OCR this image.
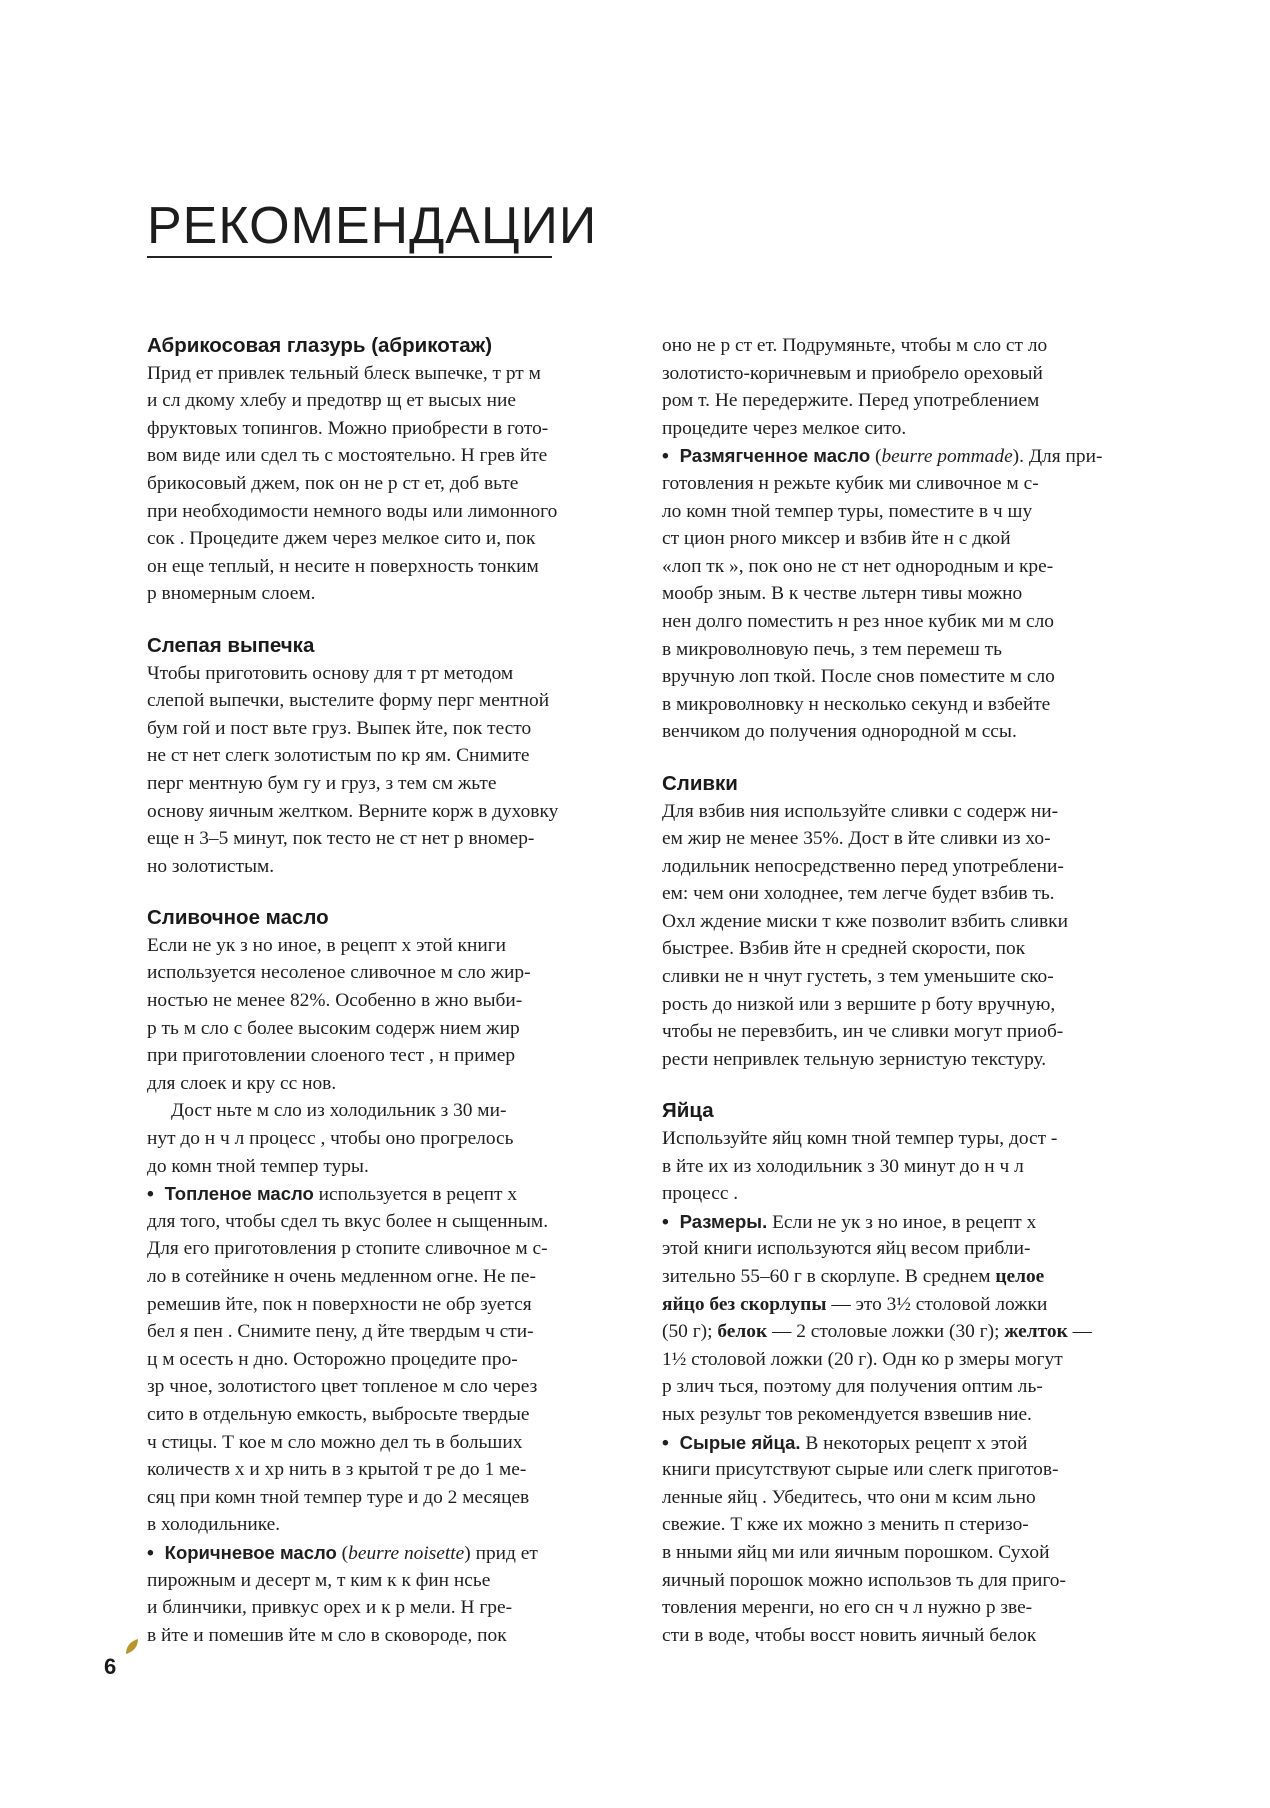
РЕКОМЕНДАЦИИ
Абрикосовая глазурь (абрикотаж)
Прид ет привлек тельный блеск выпечке, т рт м
и сл дкому хлебу и предотвр щ ет высых ние
фруктовых топингов. Можно приобрести в гото-
вом виде или сдел ть с мостоятельно. Н грев йте
брикосовый джем, пок он не р ст ет, доб вьте
при необходимости немного воды или лимонного
сок . Процедите джем через мелкое сито и, пок
он еще теплый, н несите н поверхность тонким
р вномерным слоем.
Слепая выпечка
Чтобы приготовить основу для т рт методом
слепой выпечки, выстелите форму перг ментной
бум гой и пост вьте груз. Выпек йте, пок тесто
не ст нет слегк золотистым по кр ям. Снимите
перг ментную бум гу и груз, з тем см жьте
основу яичным желтком. Верните корж в духовку
еще н 3–5 минут, пок тесто не ст нет р вномер-
но золотистым.
Сливочное масло
Если не ук з но иное, в рецепт х этой книги
используется несоленое сливочное м сло жир-
ностью не менее 82%. Особенно в жно выби-
р ть м сло с более высоким содерж нием жир
при приготовлении слоеного тест , н пример
для слоек и кру сс нов.
Дост ньте м сло из холодильник з 30 ми-
нут до н ч л процесс , чтобы оно прогрелось
до комн тной темпер туры.
• Топленое масло используется в рецепт х
для того, чтобы сдел ть вкус более н сыщенным.
Для его приготовления р стопите сливочное м с-
ло в сотейнике н очень медленном огне. Не пе-
ремешив йте, пок н поверхности не обр зуется
бел я пен . Снимите пену, д йте твердым ч сти-
ц м осесть н дно. Осторожно процедите про-
зр чное, золотистого цвет топленое м сло через
сито в отдельную емкость, выбросьте твердые
ч стицы. Т кое м сло можно дел ть в больших
количеств х и хр нить в з крытой т ре до 1 ме-
сяц при комн тной темпер туре и до 2 месяцев
в холодильнике.
• Коричневое масло (beurre noisette) прид ет
пирожным и десерт м, т ким к к фин нсье
и блинчики, привкус орех и к р мели. Н гре-
в йте и помешив йте м сло в сковороде, пок
оно не р ст ет. Подрумяньте, чтобы м сло ст ло
золотисто-коричневым и приобрело ореховый
ром т. Не передержите. Перед употреблением
процедите через мелкое сито.
• Размягченное масло (beurre pommade). Для при-
готовления н режьте кубик ми сливочное м с-
ло комн тной темпер туры, поместите в ч шу
ст цион рного миксер и взбив йте н с дкой
«лоп тк », пок оно не ст нет однородным и кре-
мообр зным. В к честве льтерн тивы можно
нен долго поместить н рез нное кубик ми м сло
в микроволновую печь, з тем перемеш ть
вручную лоп ткой. После снов поместите м сло
в микроволновку н несколько секунд и взбейте
венчиком до получения однородной м ссы.
Сливки
Для взбив ния используйте сливки с содерж ни-
ем жир не менее 35%. Дост в йте сливки из хо-
лодильник непосредственно перед употреблени-
ем: чем они холоднее, тем легче будет взбив ть.
Охл ждение миски т кже позволит взбить сливки
быстрее. Взбив йте н средней скорости, пок
сливки не н чнут густеть, з тем уменьшите ско-
рость до низкой или з вершите р боту вручную,
чтобы не перевзбить, ин че сливки могут приоб-
рести непривлек тельную зернистую текстуру.
Яйца
Используйте яйц комн тной темпер туры, дост -
в йте их из холодильник з 30 минут до н ч л
процесс .
• Размеры. Если не ук з но иное, в рецепт х
этой книги используются яйц весом прибли-
зительно 55–60 г в скорлупе. В среднем целое
яйцо без скорлупы — это 3½ столовой ложки
(50 г); белок — 2 столовые ложки (30 г); желток —
1½ столовой ложки (20 г). Одн ко р змеры могут
р злич ться, поэтому для получения оптим ль-
ных результ тов рекомендуется взвешив ние.
• Сырые яйца. В некоторых рецепт х этой
книги присутствуют сырые или слегк приготов-
ленные яйц . Убедитесь, что они м ксим льно
свежие. Т кже их можно з менить п стеризо-
в нными яйц ми или яичным порошком. Сухой
яичный порошок можно использов ть для приго-
товления меренги, но его сн ч л нужно р зве-
сти в воде, чтобы восст новить яичный белок
6
